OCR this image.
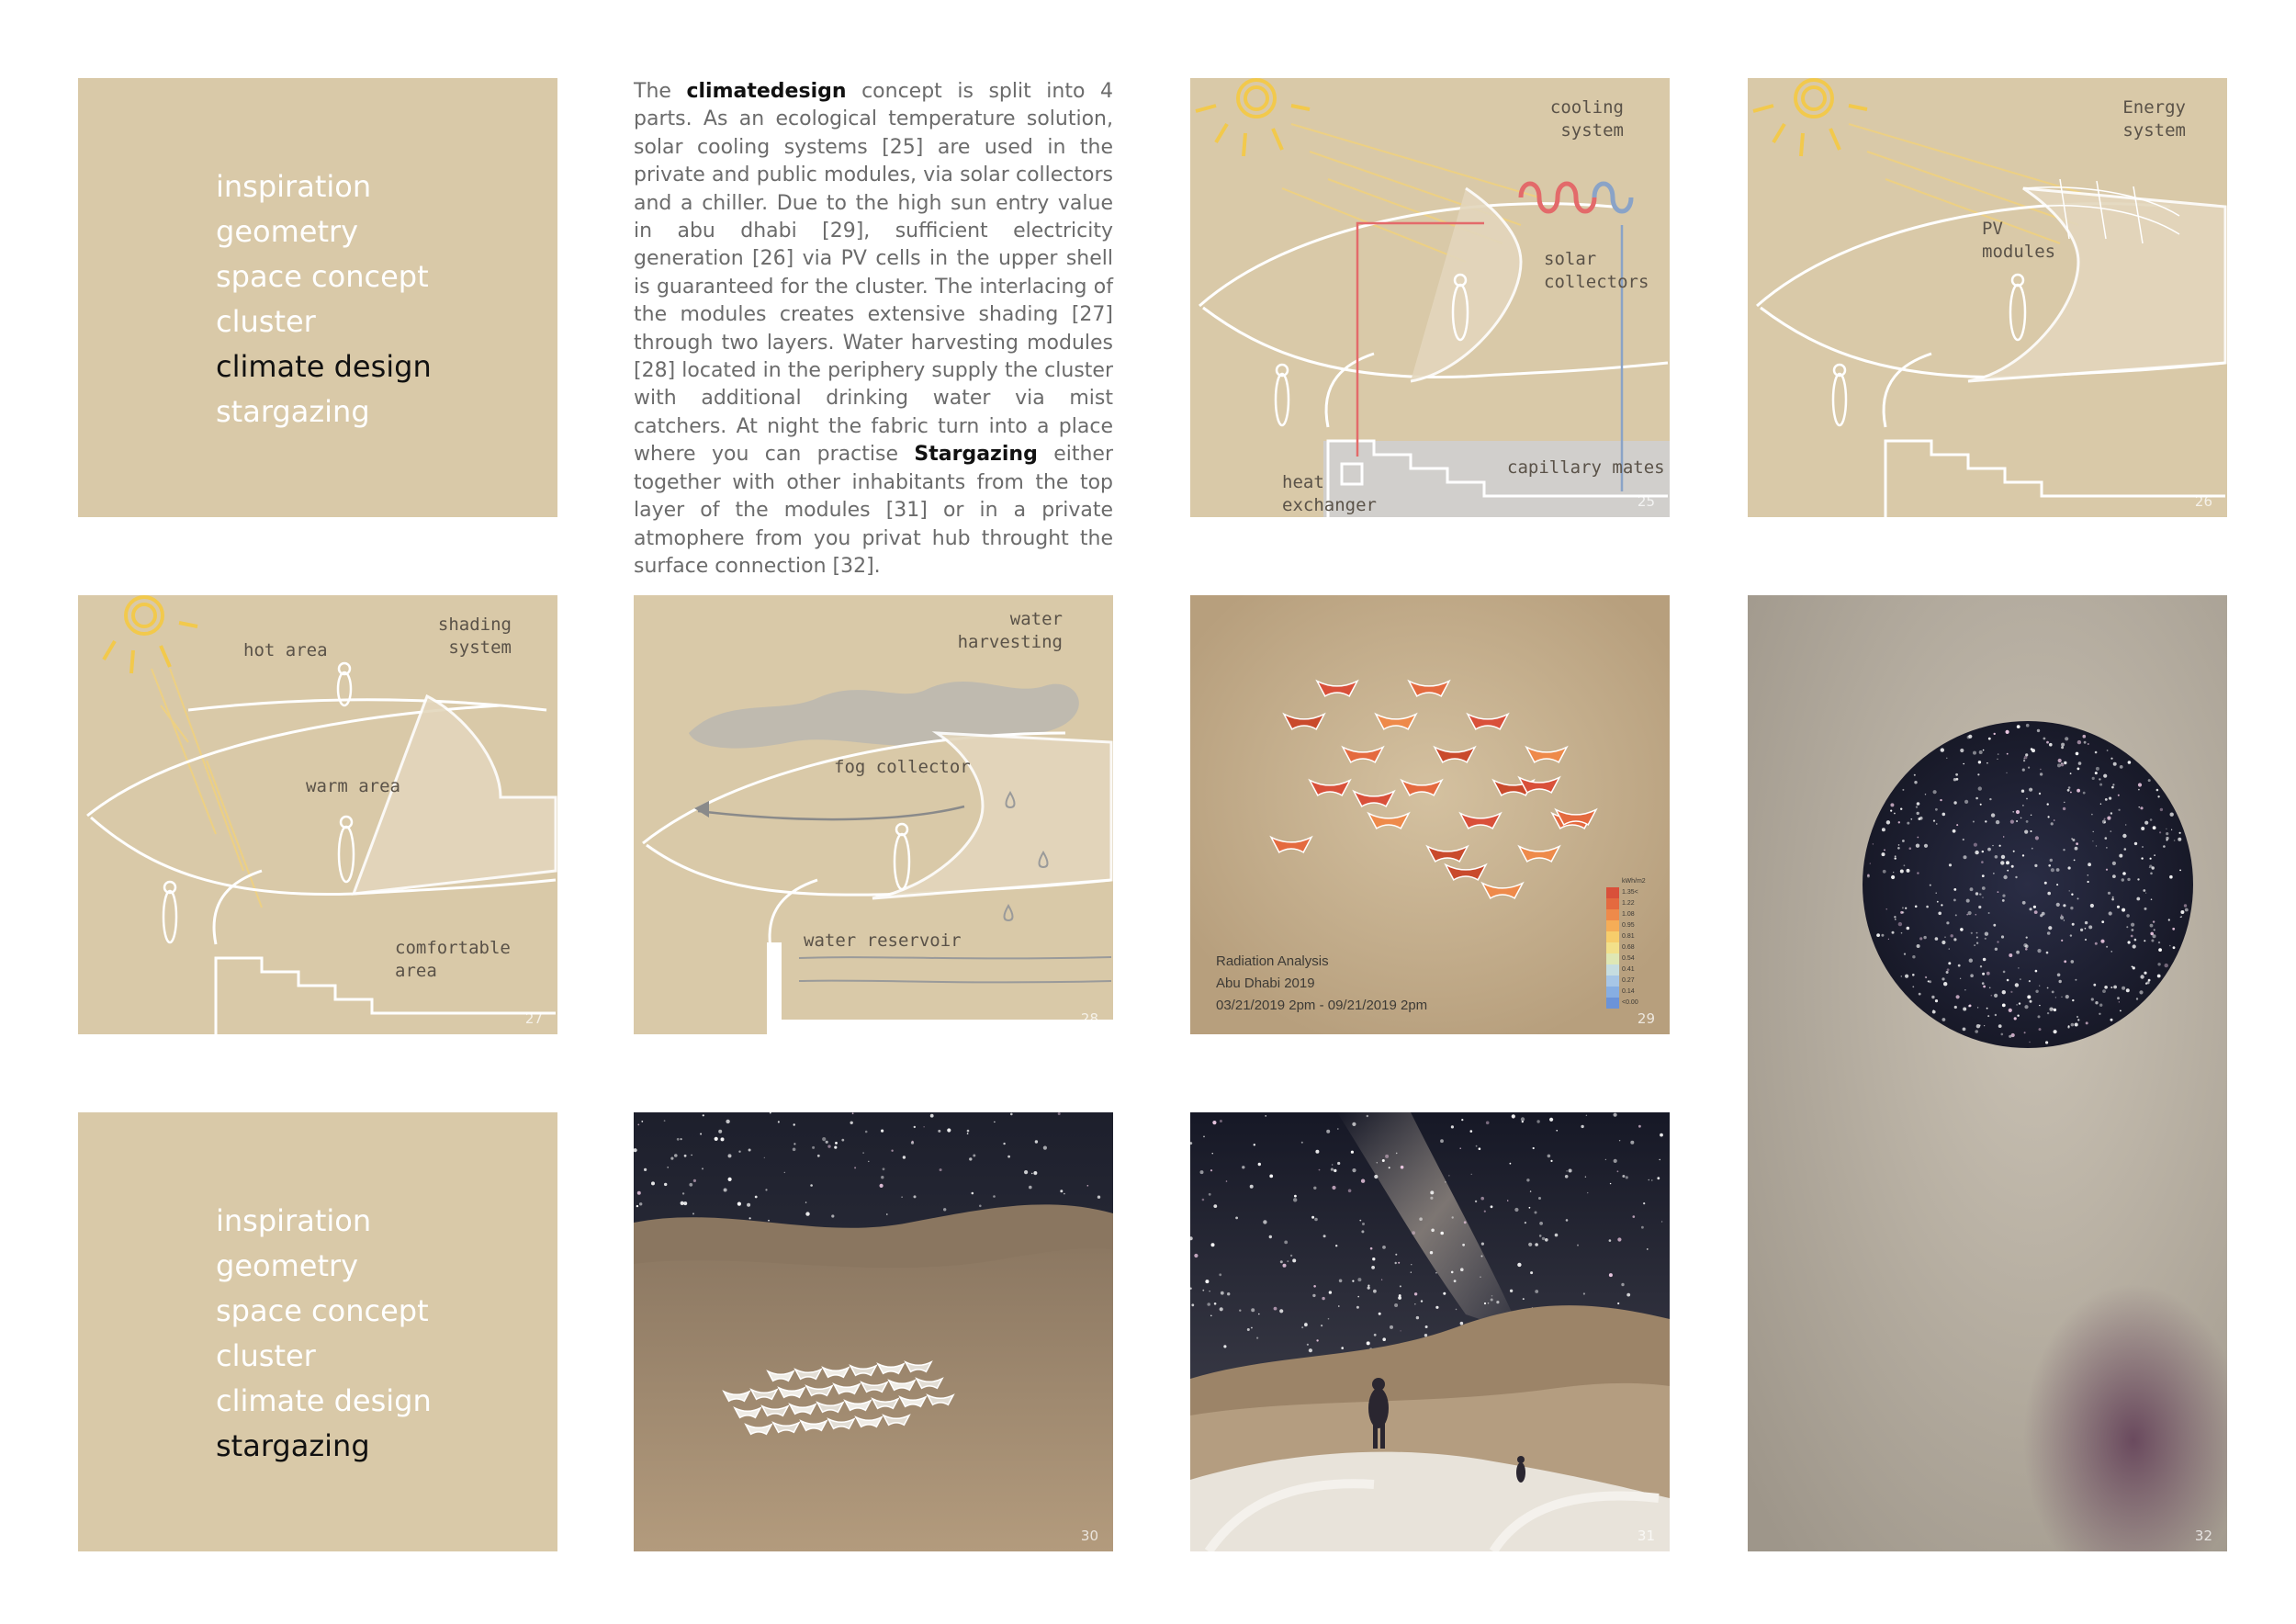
inspiration
geometry
space concept
cluster
climate design
stargazing

The climatedesign concept is split into 4 parts. As an ecological temperature solution, solar cooling systems [25] are used in the private and public modules, via solar collectors and a chiller. Due to the high sun entry value in abu dhabi [29], sufficient electricity generation [26] via PV cells in the upper shell is guaranteed for the cluster. The interlacing of the modules creates extensive shading [27] through two layers. Water harvesting modules [28] located in the periphery supply the cluster with additional drinking water via mist catchers. At night the fabric turn into a place where you can practise Stargazing either together with other inhabitants from the top layer of the modules [31] or in a private atmophere from you privat hub throught the surface connection [32].

cooling
system
solar
collectors
heat
exchanger
capillary mates
25
Energy
system
PV
modules
26
hot area
shading
system
warm area
comfortable
area
27
water
harvesting
fog collector
water reservoir
28
kWh/m2
1.35<
1.22
1.08
0.95
0.81
0.68
0.54
0.41
0.27
0.14
<0.00
Radiation Analysis
Abu Dhabi 2019
03/21/2019 2pm - 09/21/2019 2pm
29
32
inspiration
geometry
space concept
cluster
climate design
stargazing
30	31
